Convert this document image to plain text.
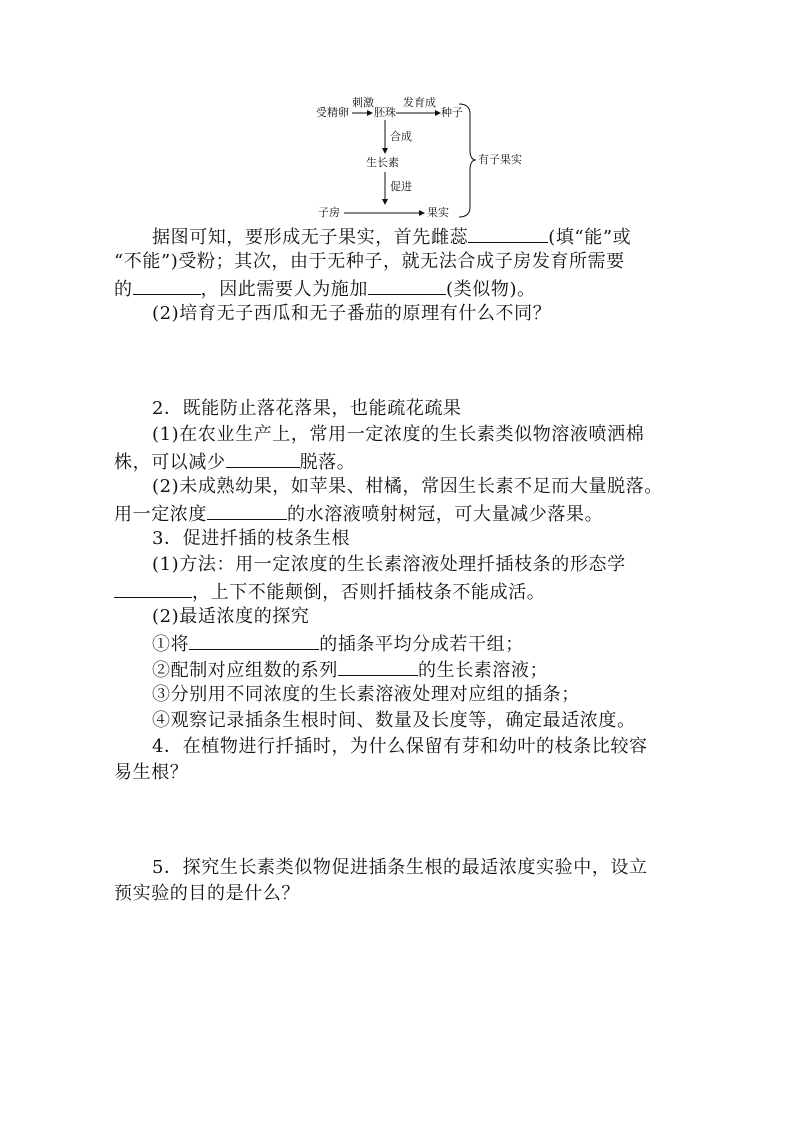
受精卵
刺激
胚珠
发育成
种子
合成
生长素
促进
子房	果实
有子果实
据图可知，要形成无子果实，首先雌蕊	(填“能”或
“不能”)受粉；其次，由于无种子，就无法合成子房发育所需要
的	，因此需要人为施加	(类似物)。
(2)培育无子西瓜和无子番茄的原理有什么不同？
2．既能防止落花落果，也能疏花疏果
(1)在农业生产上，常用一定浓度的生长素类似物溶液喷洒棉
株，可以减少	脱落。
(2)未成熟幼果，如苹果、柑橘，常因生长素不足而大量脱落。
用一定浓度	的水溶液喷射树冠，可大量减少落果。
3．促进扦插的枝条生根
(1)方法：用一定浓度的生长素溶液处理扦插枝条的形态学
，上下不能颠倒，否则扦插枝条不能成活。
(2)最适浓度的探究
①将	的插条平均分成若干组；
②配制对应组数的系列	的生长素溶液；
③分别用不同浓度的生长素溶液处理对应组的插条；
④观察记录插条生根时间、数量及长度等，确定最适浓度。
4．在植物进行扦插时，为什么保留有芽和幼叶的枝条比较容
易生根？
5．探究生长素类似物促进插条生根的最适浓度实验中，设立
预实验的目的是什么？
